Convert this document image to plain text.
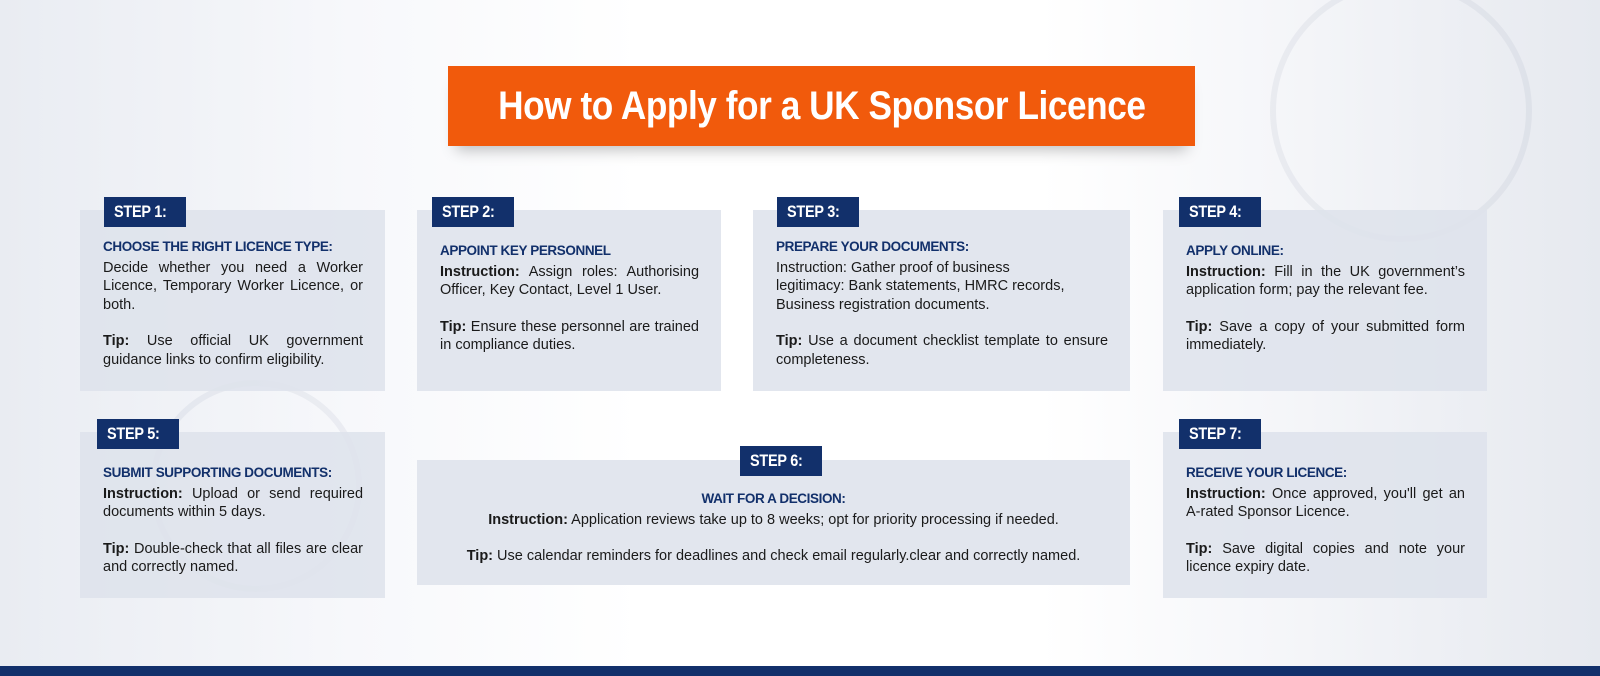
How to Apply for a UK Sponsor Licence
CHOOSE THE RIGHT LICENCE TYPE:

Decide whether you need a Worker Licence, Temporary Worker Licence, or both.

Tip: Use official UK government guidance links to confirm eligibility.

STEP 1:
APPOINT KEY PERSONNEL

Instruction: Assign roles: Authorising Officer, Key Contact, Level 1 User.

Tip: Ensure these personnel are trained in compliance duties.

STEP 2:
PREPARE YOUR DOCUMENTS:

Instruction: Gather proof of business legitimacy: Bank statements, HMRC records, Business registration documents.

Tip: Use a document checklist template to ensure completeness.

STEP 3:
APPLY ONLINE:

Instruction: Fill in the UK government’s application form; pay the relevant fee.

Tip: Save a copy of your submitted form immediately.

STEP 4:
SUBMIT SUPPORTING DOCUMENTS:

Instruction: Upload or send required documents within 5 days.

Tip: Double-check that all files are clear and correctly named.

STEP 5:
WAIT FOR A DECISION:

Instruction: Application reviews take up to 8 weeks; opt for priority processing if needed.

Tip: Use calendar reminders for deadlines and check email regularly.clear and correctly named.

STEP 6:
RECEIVE YOUR LICENCE:

Instruction: Once approved, you'll get an A-rated Sponsor Licence.

Tip: Save digital copies and note your licence expiry date.

STEP 7:
